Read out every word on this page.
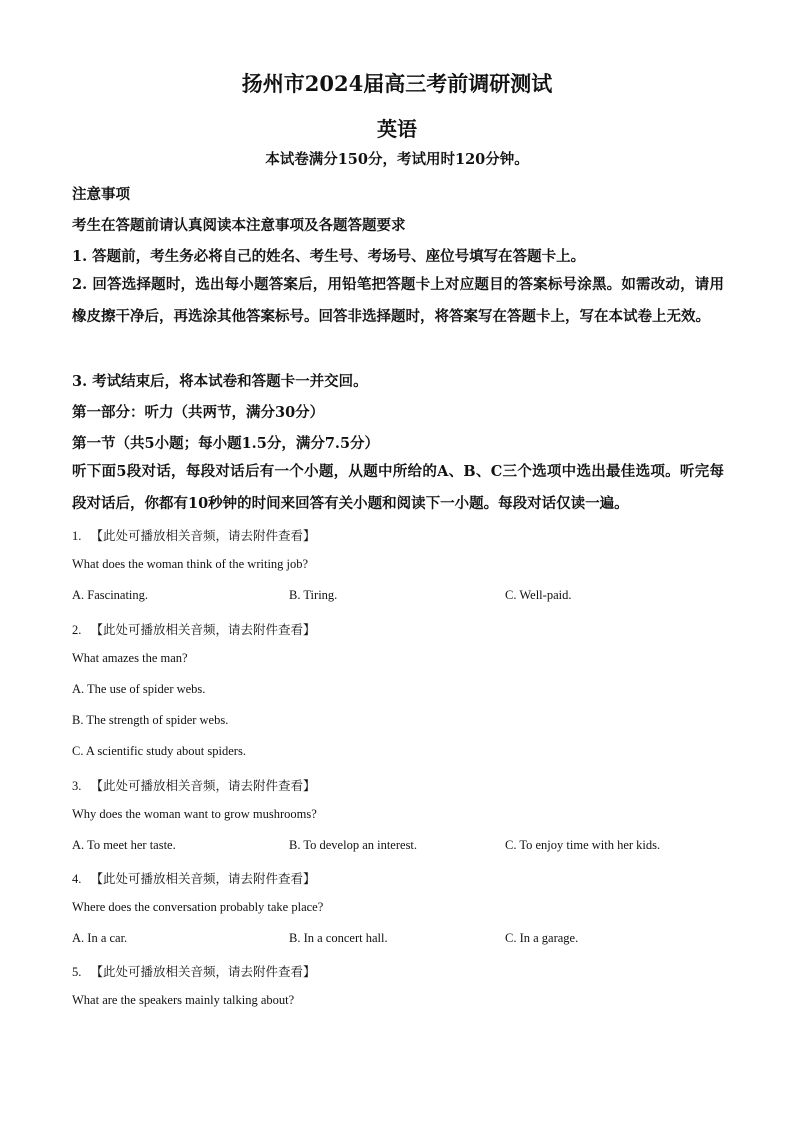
扬州市2024届高三考前调研测试
英语
本试卷满分150分，考试用时120分钟。
注意事项
考生在答题前请认真阅读本注意事项及各题答题要求
1. 答题前，考生务必将自己的姓名、考生号、考场号、座位号填写在答题卡上。
2. 回答选择题时，选出每小题答案后，用铅笔把答题卡上对应题目的答案标号涂黑。如需改动，请用橡皮擦干净后，再选涂其他答案标号。回答非选择题时，将答案写在答题卡上，写在本试卷上无效。
3. 考试结束后，将本试卷和答题卡一并交回。
第一部分：听力（共两节，满分30分）
第一节（共5小题；每小题1.5分，满分7.5分）
听下面5段对话，每段对话后有一个小题，从题中所给的A、B、C三个选项中选出最佳选项。听完每段对话后，你都有10秒钟的时间来回答有关小题和阅读下一小题。每段对话仅读一遍。
1. 【此处可播放相关音频，请去附件查看】
What does the woman think of the writing job?
A. Fascinating.	B. Tiring.	C. Well-paid.
2. 【此处可播放相关音频，请去附件查看】
What amazes the man?
A. The use of spider webs.
B. The strength of spider webs.
C. A scientific study about spiders.
3. 【此处可播放相关音频，请去附件查看】
Why does the woman want to grow mushrooms?
A. To meet her taste.	B. To develop an interest.	C. To enjoy time with her kids.
4. 【此处可播放相关音频，请去附件查看】
Where does the conversation probably take place?
A. In a car.	B. In a concert hall.	C. In a garage.
5. 【此处可播放相关音频，请去附件查看】
What are the speakers mainly talking about?
